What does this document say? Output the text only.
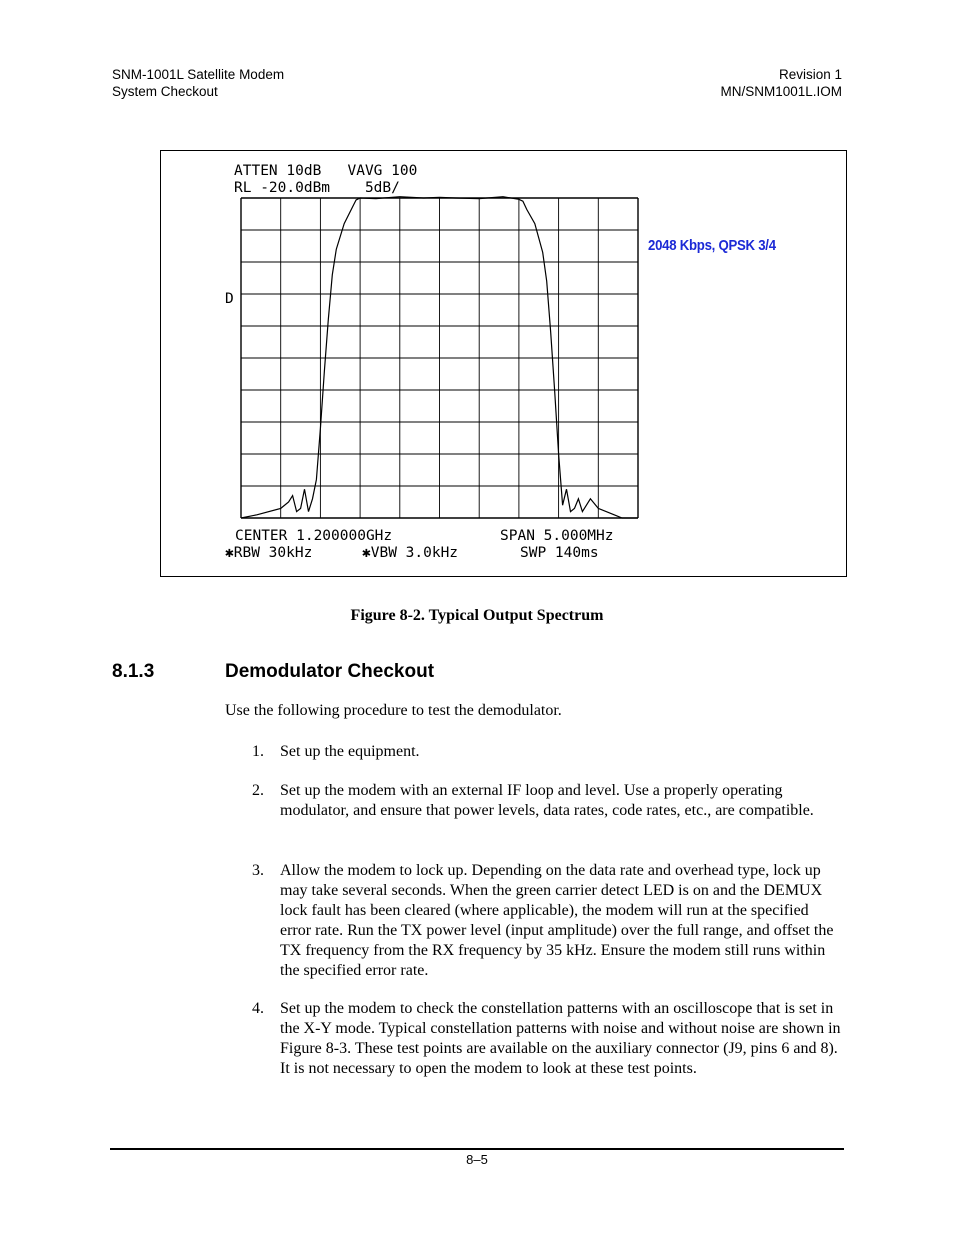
SNM-1001L Satellite Modem
System Checkout
Revision 1
MN/SNM1001L.IOM
ATTEN 10dB   VAVG 100
RL -20.0dBm    5dB/
D
CENTER 1.200000GHz	SPAN 5.000MHz
✱RBW 30kHz	✱VBW 3.0kHz	SWP 140ms
2048 Kbps, QPSK 3/4
Figure 8-2. Typical Output Spectrum
8.1.3	Demodulator Checkout
Use the following procedure to test the demodulator.
1. Set up the equipment.
2. Set up the modem with an external IF loop and level. Use a properly operating modulator, and ensure that power levels, data rates, code rates, etc., are compatible.
3. Allow the modem to lock up. Depending on the data rate and overhead type, lock up may take several seconds. When the green carrier detect LED is on and the DEMUX lock fault has been cleared (where applicable), the modem will run at the specified error rate. Run the TX power level (input amplitude) over the full range, and offset the TX frequency from the RX frequency by 35 kHz. Ensure the modem still runs within the specified error rate.
4. Set up the modem to check the constellation patterns with an oscilloscope that is set in the X-Y mode. Typical constellation patterns with noise and without noise are shown in Figure 8-3. These test points are available on the auxiliary connector (J9, pins 6 and 8). It is not necessary to open the modem to look at these test points.
8–5
